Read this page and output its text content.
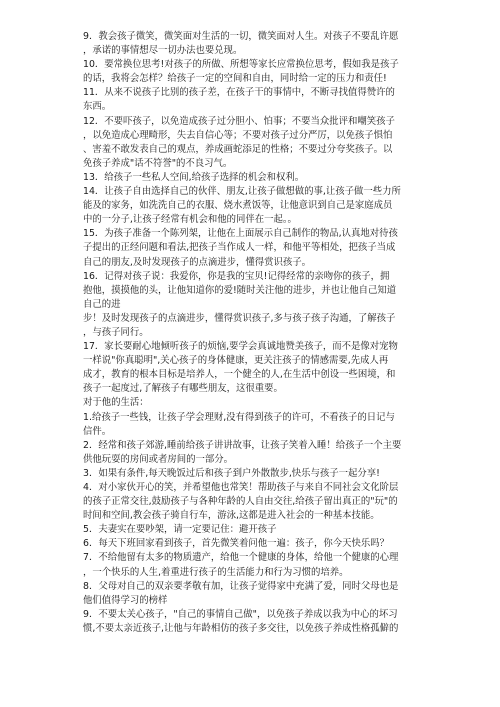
9．教会孩子微笑，微笑面对生活的一切，微笑面对人生。对孩子不要乱许愿
，承诺的事情想尽一切办法也要兑现。
10．要常换位思考!对孩子的所做、所想等家长应常换位思考，假如我是孩子
的话，我将会怎样？给孩子一定的空间和自由，同时给一定的压力和责任!
11．从来不说孩子比别的孩子差，在孩子干的事情中，不断寻找值得赞许的
东西。
12．不要吓孩子，以免造成孩子过分胆小、怕事；不要当众批评和嘲笑孩子
，以免造成心理畸形，失去自信心等；不要对孩子过分严厉，以免孩子惧怕
、害羞不敢发表自己的观点，养成画蛇添足的性格；不要过分夸奖孩子。以
免孩子养成"话不符誉"的不良习气。
13．给孩子一些私人空间,给孩子选择的机会和权利。
14．让孩子自由选择自己的伙伴、朋友,让孩子做想做的事,让孩子做一些力所
能及的家务，如洗洗自己的衣服、烧水煮饭等，让他意识到自己是家庭成员
中的一分子,让孩子经常有机会和他的同伴在一起。。
15．为孩子准备一个陈列架，让他在上面展示自己制作的物品,认真地对待孩
子提出的正经问题和看法,把孩子当作成人一样，和他平等相处，把孩子当成
自己的朋友,及时发现孩子的点滴进步，懂得赏识孩子。
16．记得对孩子说：我爱你，你是我的宝贝!记得经常的亲吻你的孩子，拥
抱他，摸摸他的头，让他知道你的爱!随时关注他的进步，并也让他自己知道
自己的进
步！及时发现孩子的点滴进步，懂得赏识孩子,多与孩子孩子沟通，了解孩子
，与孩子同行。
17．家长要耐心地倾听孩子的烦恼,要学会真诚地赞美孩子，而不是像对宠物
一样说"你真聪明",关心孩子的身体健康，更关注孩子的情感需要,先成人再
成才，教育的根本目标是培养人，一个健全的人,在生活中创设一些困境，和
孩子一起度过,了解孩子有哪些朋友，这很重要。
对于他的生活：
1.给孩子一些钱，让孩子学会理财,没有得到孩子的许可，不看孩子的日记与
信件。
2．经常和孩子郊游,睡前给孩子讲讲故事，让孩子笑着入睡！给孩子一个主要
供他玩耍的房间或者房间的一部分。
3．如果有条件,每天晚饭过后和孩子到户外散散步,快乐与孩子一起分享!
4．对小家伙开心的笑，并希望他也常笑！帮助孩子与来自不同社会文化阶层
的孩子正常交往,鼓励孩子与各种年龄的人自由交往,给孩子留出真正的"玩"的
时间和空间,教会孩子骑自行车，游泳,这都是进入社会的一种基本技能。
5．夫妻实在要吵架，请一定要记住：避开孩子
6．每天下班回家看到孩子，首先微笑着问他一遍：孩子，你今天快乐吗？
7．不给他留有太多的物质遗产，给他一个健康的身体，给他一个健康的心理
，一个快乐的人生,着重进行孩子的生活能力和行为习惯的培养。
8．父母对自己的双亲要孝敬有加，让孩子觉得家中充满了爱，同时父母也是
他们值得学习的榜样
9．不要太关心孩子，"自己的事情自己做"，以免孩子养成以我为中心的坏习
惯,不要太亲近孩子,让他与年龄相仿的孩子多交往，以免孩子养成性格孤僻的
